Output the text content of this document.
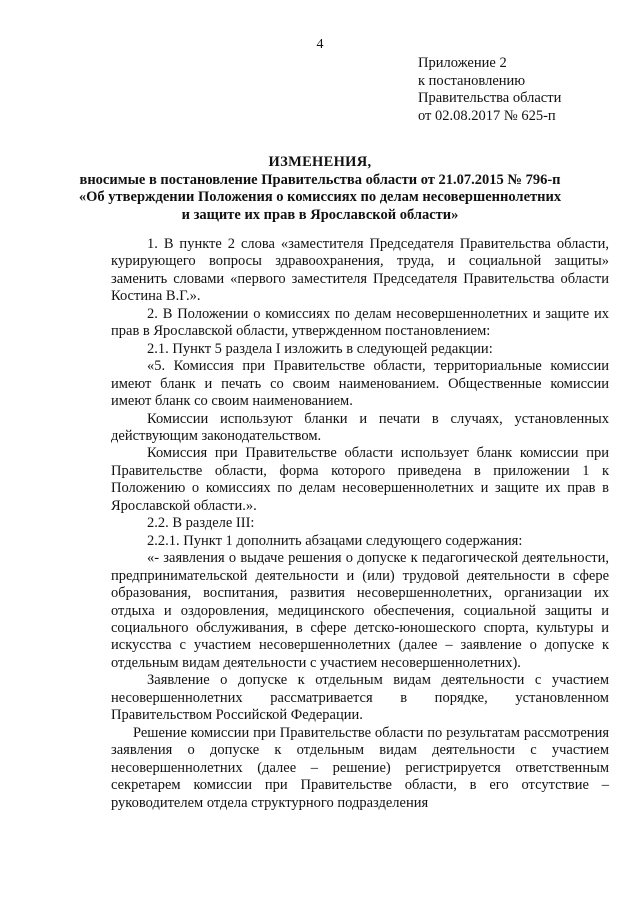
4
Приложение 2
к постановлению
Правительства области
от 02.08.2017 № 625-п
ИЗМЕНЕНИЯ,
вносимые в постановление Правительства области от 21.07.2015 № 796-п
«Об утверждении Положения о комиссиях по делам несовершеннолетних
и защите их прав в Ярославской области»

1. В пункте 2 слова «заместителя Председателя Правительства области, курирующего вопросы здравоохранения, труда, и социальной защиты» заменить словами «первого заместителя Председателя Правительства области Костина В.Г.».

2. В Положении о комиссиях по делам несовершеннолетних и защите их прав в Ярославской области, утвержденном постановлением:

2.1. Пункт 5 раздела I изложить в следующей редакции:

«5. Комиссия при Правительстве области, территориальные комиссии имеют бланк и печать со своим наименованием. Общественные комиссии имеют бланк со своим наименованием.

Комиссии используют бланки и печати в случаях, установленных действующим законодательством.

Комиссия при Правительстве области использует бланк комиссии при Правительстве области, форма которого приведена в приложении 1 к Положению о комиссиях по делам несовершеннолетних и защите их прав в Ярославской области.».

2.2. В разделе III:

2.2.1. Пункт 1 дополнить абзацами следующего содержания:

«- заявления о выдаче решения о допуске к педагогической деятельности, предпринимательской деятельности и (или) трудовой деятельности в сфере образования, воспитания, развития несовершеннолетних, организации их отдыха и оздоровления, медицинского обеспечения, социальной защиты и социального обслуживания, в сфере детско-юношеского спорта, культуры и искусства с участием несовершеннолетних (далее – заявление о допуске к отдельным видам деятельности с участием несовершеннолетних).

Заявление о допуске к отдельным видам деятельности с участием несовершеннолетних рассматривается в порядке, установленном Правительством Российской Федерации.

Решение комиссии при Правительстве области по результатам рассмотрения заявления о допуске к отдельным видам деятельности с участием несовершеннолетних (далее – решение) регистрируется ответственным секретарем комиссии при Правительстве области, в его отсутствие – руководителем отдела структурного подразделения
